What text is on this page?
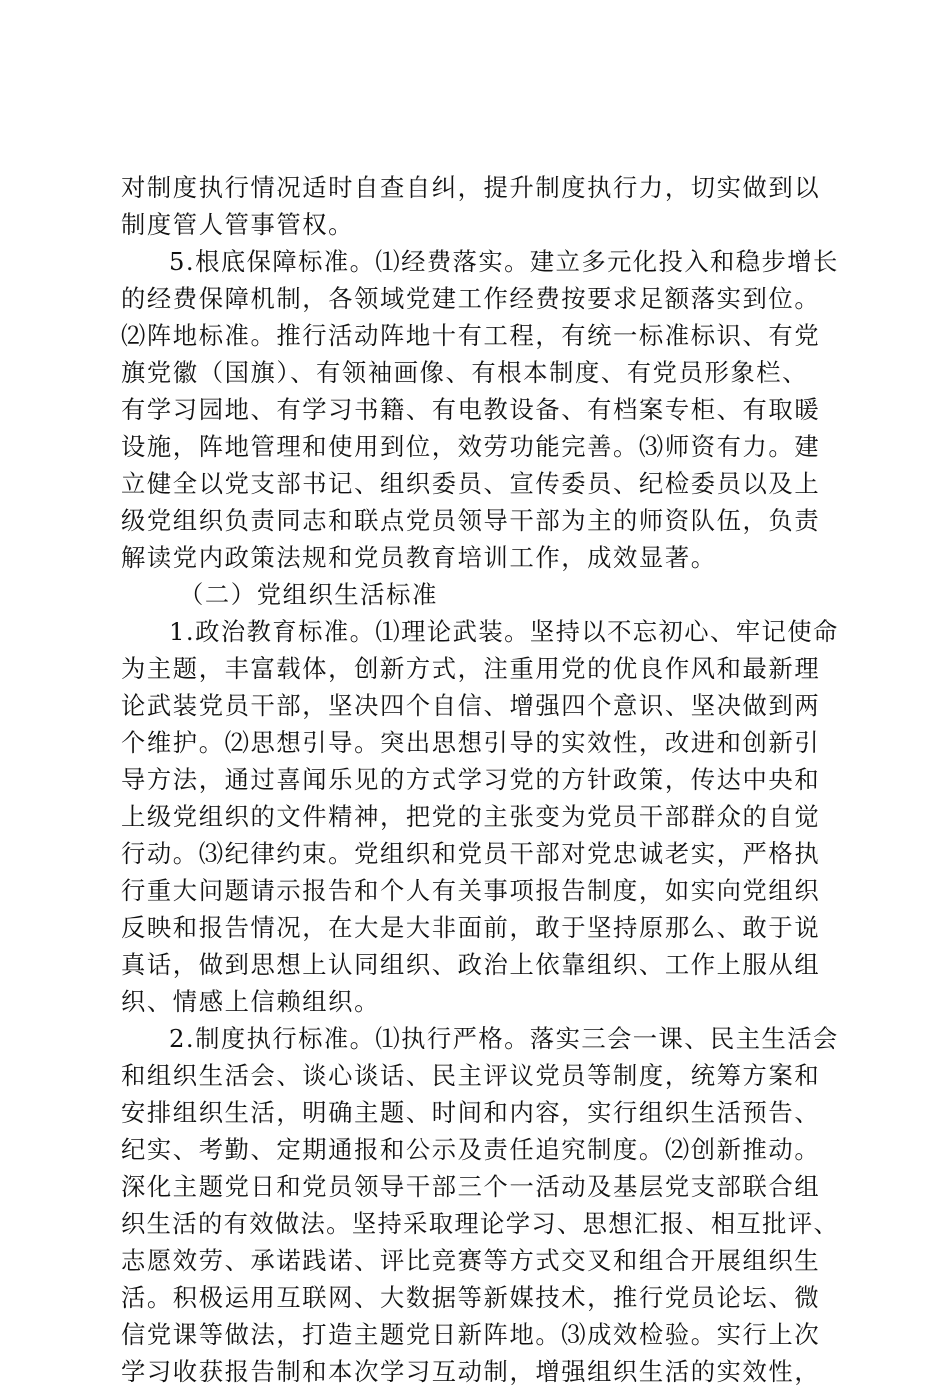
对制度执行情况适时自查自纠，提升制度执行力，切实做到以
制度管人管事管权。
5.根底保障标准。⑴经费落实。建立多元化投入和稳步增长
的经费保障机制，各领域党建工作经费按要求足额落实到位。
⑵阵地标准。推行活动阵地十有工程，有统一标准标识、有党
旗党徽（国旗）、有领袖画像、有根本制度、有党员形象栏、
有学习园地、有学习书籍、有电教设备、有档案专柜、有取暖
设施，阵地管理和使用到位，效劳功能完善。⑶师资有力。建
立健全以党支部书记、组织委员、宣传委员、纪检委员以及上
级党组织负责同志和联点党员领导干部为主的师资队伍，负责
解读党内政策法规和党员教育培训工作，成效显著。
（二）党组织生活标准
1.政治教育标准。⑴理论武装。坚持以不忘初心、牢记使命
为主题，丰富载体，创新方式，注重用党的优良作风和最新理
论武装党员干部，坚决四个自信、增强四个意识、坚决做到两
个维护。⑵思想引导。突出思想引导的实效性，改进和创新引
导方法，通过喜闻乐见的方式学习党的方针政策，传达中央和
上级党组织的文件精神，把党的主张变为党员干部群众的自觉
行动。⑶纪律约束。党组织和党员干部对党忠诚老实，严格执
行重大问题请示报告和个人有关事项报告制度，如实向党组织
反映和报告情况，在大是大非面前，敢于坚持原那么、敢于说
真话，做到思想上认同组织、政治上依靠组织、工作上服从组
织、情感上信赖组织。
2.制度执行标准。⑴执行严格。落实三会一课、民主生活会
和组织生活会、谈心谈话、民主评议党员等制度，统筹方案和
安排组织生活，明确主题、时间和内容，实行组织生活预告、
纪实、考勤、定期通报和公示及责任追究制度。⑵创新推动。
深化主题党日和党员领导干部三个一活动及基层党支部联合组
织生活的有效做法。坚持采取理论学习、思想汇报、相互批评、
志愿效劳、承诺践诺、评比竞赛等方式交叉和组合开展组织生
活。积极运用互联网、大数据等新媒技术，推行党员论坛、微
信党课等做法，打造主题党日新阵地。⑶成效检验。实行上次
学习收获报告制和本次学习互动制，增强组织生活的实效性，
